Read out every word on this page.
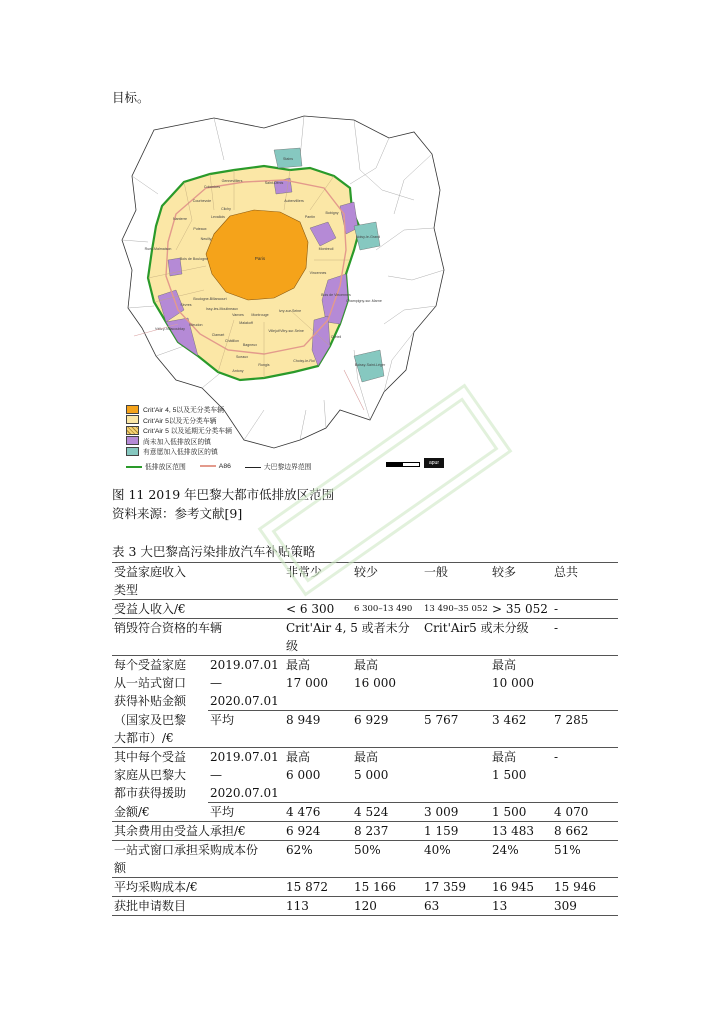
目标。
Paris
Saint-Denis
Aubervilliers
Pantin
Bobigny
Montreuil
Vincennes
Nanterre
Puteaux
Courbevoie
Boulogne-Billancourt
Issy-les-Moulineaux
Clamart
Meudon
Sèvres
Vanves
Malakoff
Montrouge
Ivry-sur-Seine
Vitry-sur-Seine
Villejuif
Créteil
Choisy-le-Roi
Rungis
Antony
Châtillon
Bagneux
Sceaux
Bois de Boulogne
Bois de Vincennes
Champigny-sur-Marne
Rueil-Malmaison
Colombes
Gennevilliers
Clichy
Levallois
Neuilly
Stains
Noisy-le-Grand
Boissy-Saint-Léger
Vélizy-Villacoublay
Crit'Air 4, 5以及无分类车辆
Crit'Air 5以及无分类车辆
Crit'Air 5 以及延期无分类车辆
尚未加入低排放区的镇
有意愿加入低排放区的镇
低排放区范围	A86	大巴黎边界范围
apur
图 11 2019 年巴黎大都市低排放区范围
资料来源：参考文献[9]
表 3 大巴黎高污染排放汽车补贴策略
受益家庭收入		非常少	较少	一般	较多	总共
类型						
受益人收入/€		< 6 300	6 300–13 490	13 490–35 052	> 35 052	-
销毁符合资格的车辆		Crit'Air 4, 5 或者未分		Crit'Air5 或未分级		-
		级				
每个受益家庭	2019.07.01	最高	最高		最高	
从一站式窗口	—	17 000	16 000		10 000	
获得补贴金额	2020.07.01					
（国家及巴黎	平均	8 949	6 929	5 767	3 462	7 285
大都市）/€						
其中每个受益	2019.07.01	最高	最高		最高	-
家庭从巴黎大	—	6 000	5 000		1 500	
都市获得援助	2020.07.01					
金额/€	平均	4 476	4 524	3 009	1 500	4 070
其余费用由受益人承担/€		6 924	8 237	1 159	13 483	8 662
一站式窗口承担采购成本份		62%	50%	40%	24%	51%
额						
平均采购成本/€		15 872	15 166	17 359	16 945	15 946
获批申请数目		113	120	63	13	309
